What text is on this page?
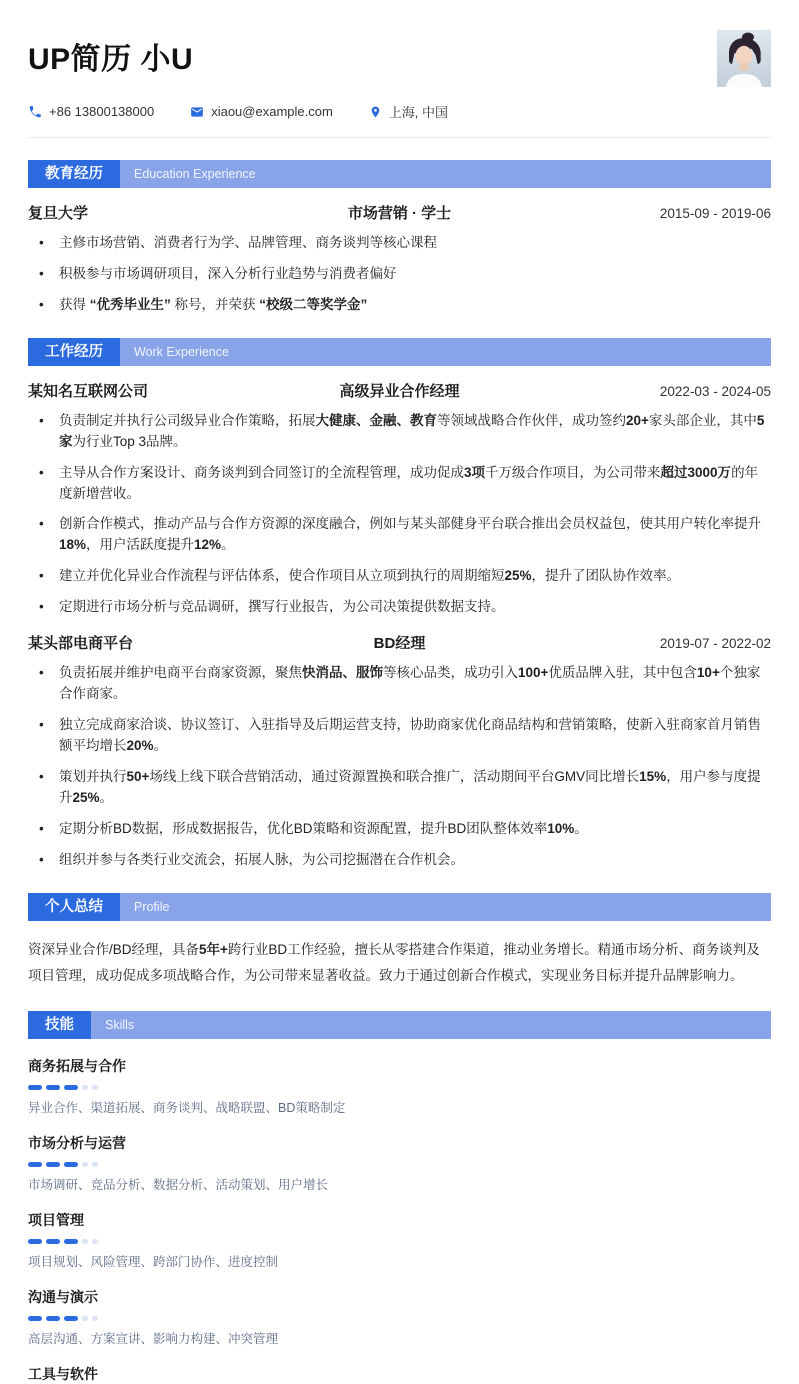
UP简历 小U
+86 13800138000	xiaou@example.com	上海, 中国
教育经历	Education Experience
复旦大学	市场营销 · 学士	2015-09 - 2019-06
• 主修市场营销、消费者行为学、品牌管理、商务谈判等核心课程
• 积极参与市场调研项目，深入分析行业趋势与消费者偏好
• 获得 “优秀毕业生” 称号，并荣获 “校级二等奖学金”
工作经历	Work Experience
某知名互联网公司	高级异业合作经理	2022-03 - 2024-05
• 负责制定并执行公司级异业合作策略，拓展大健康、金融、教育等领域战略合作伙伴，成功签约20+家头部企业，其中5家为行业Top 3品牌。
• 主导从合作方案设计、商务谈判到合同签订的全流程管理，成功促成3项千万级合作项目，为公司带来超过3000万的年度新增营收。
• 创新合作模式，推动产品与合作方资源的深度融合，例如与某头部健身平台联合推出会员权益包，使其用户转化率提升18%，用户活跃度提升12%。
• 建立并优化异业合作流程与评估体系，使合作项目从立项到执行的周期缩短25%，提升了团队协作效率。
• 定期进行市场分析与竞品调研，撰写行业报告，为公司决策提供数据支持。
某头部电商平台	BD经理	2019-07 - 2022-02
• 负责拓展并维护电商平台商家资源，聚焦快消品、服饰等核心品类，成功引入100+优质品牌入驻，其中包含10+个独家合作商家。
• 独立完成商家洽谈、协议签订、入驻指导及后期运营支持，协助商家优化商品结构和营销策略，使新入驻商家首月销售额平均增长20%。
• 策划并执行50+场线上线下联合营销活动，通过资源置换和联合推广，活动期间平台GMV同比增长15%，用户参与度提升25%。
• 定期分析BD数据，形成数据报告，优化BD策略和资源配置，提升BD团队整体效率10%。
• 组织并参与各类行业交流会，拓展人脉，为公司挖掘潜在合作机会。
个人总结	Profile

资深异业合作/BD经理，具备5年+跨行业BD工作经验，擅长从零搭建合作渠道，推动业务增长。精通市场分析、商务谈判及项目管理，成功促成多项战略合作，为公司带来显著收益。致力于通过创新合作模式，实现业务目标并提升品牌影响力。

技能	Skills
商务拓展与合作
异业合作、渠道拓展、商务谈判、战略联盟、BD策略制定
市场分析与运营
市场调研、竞品分析、数据分析、活动策划、用户增长
项目管理
项目规划、风险管理、跨部门协作、进度控制
沟通与演示
高层沟通、方案宣讲、影响力构建、冲突管理
工具与软件
